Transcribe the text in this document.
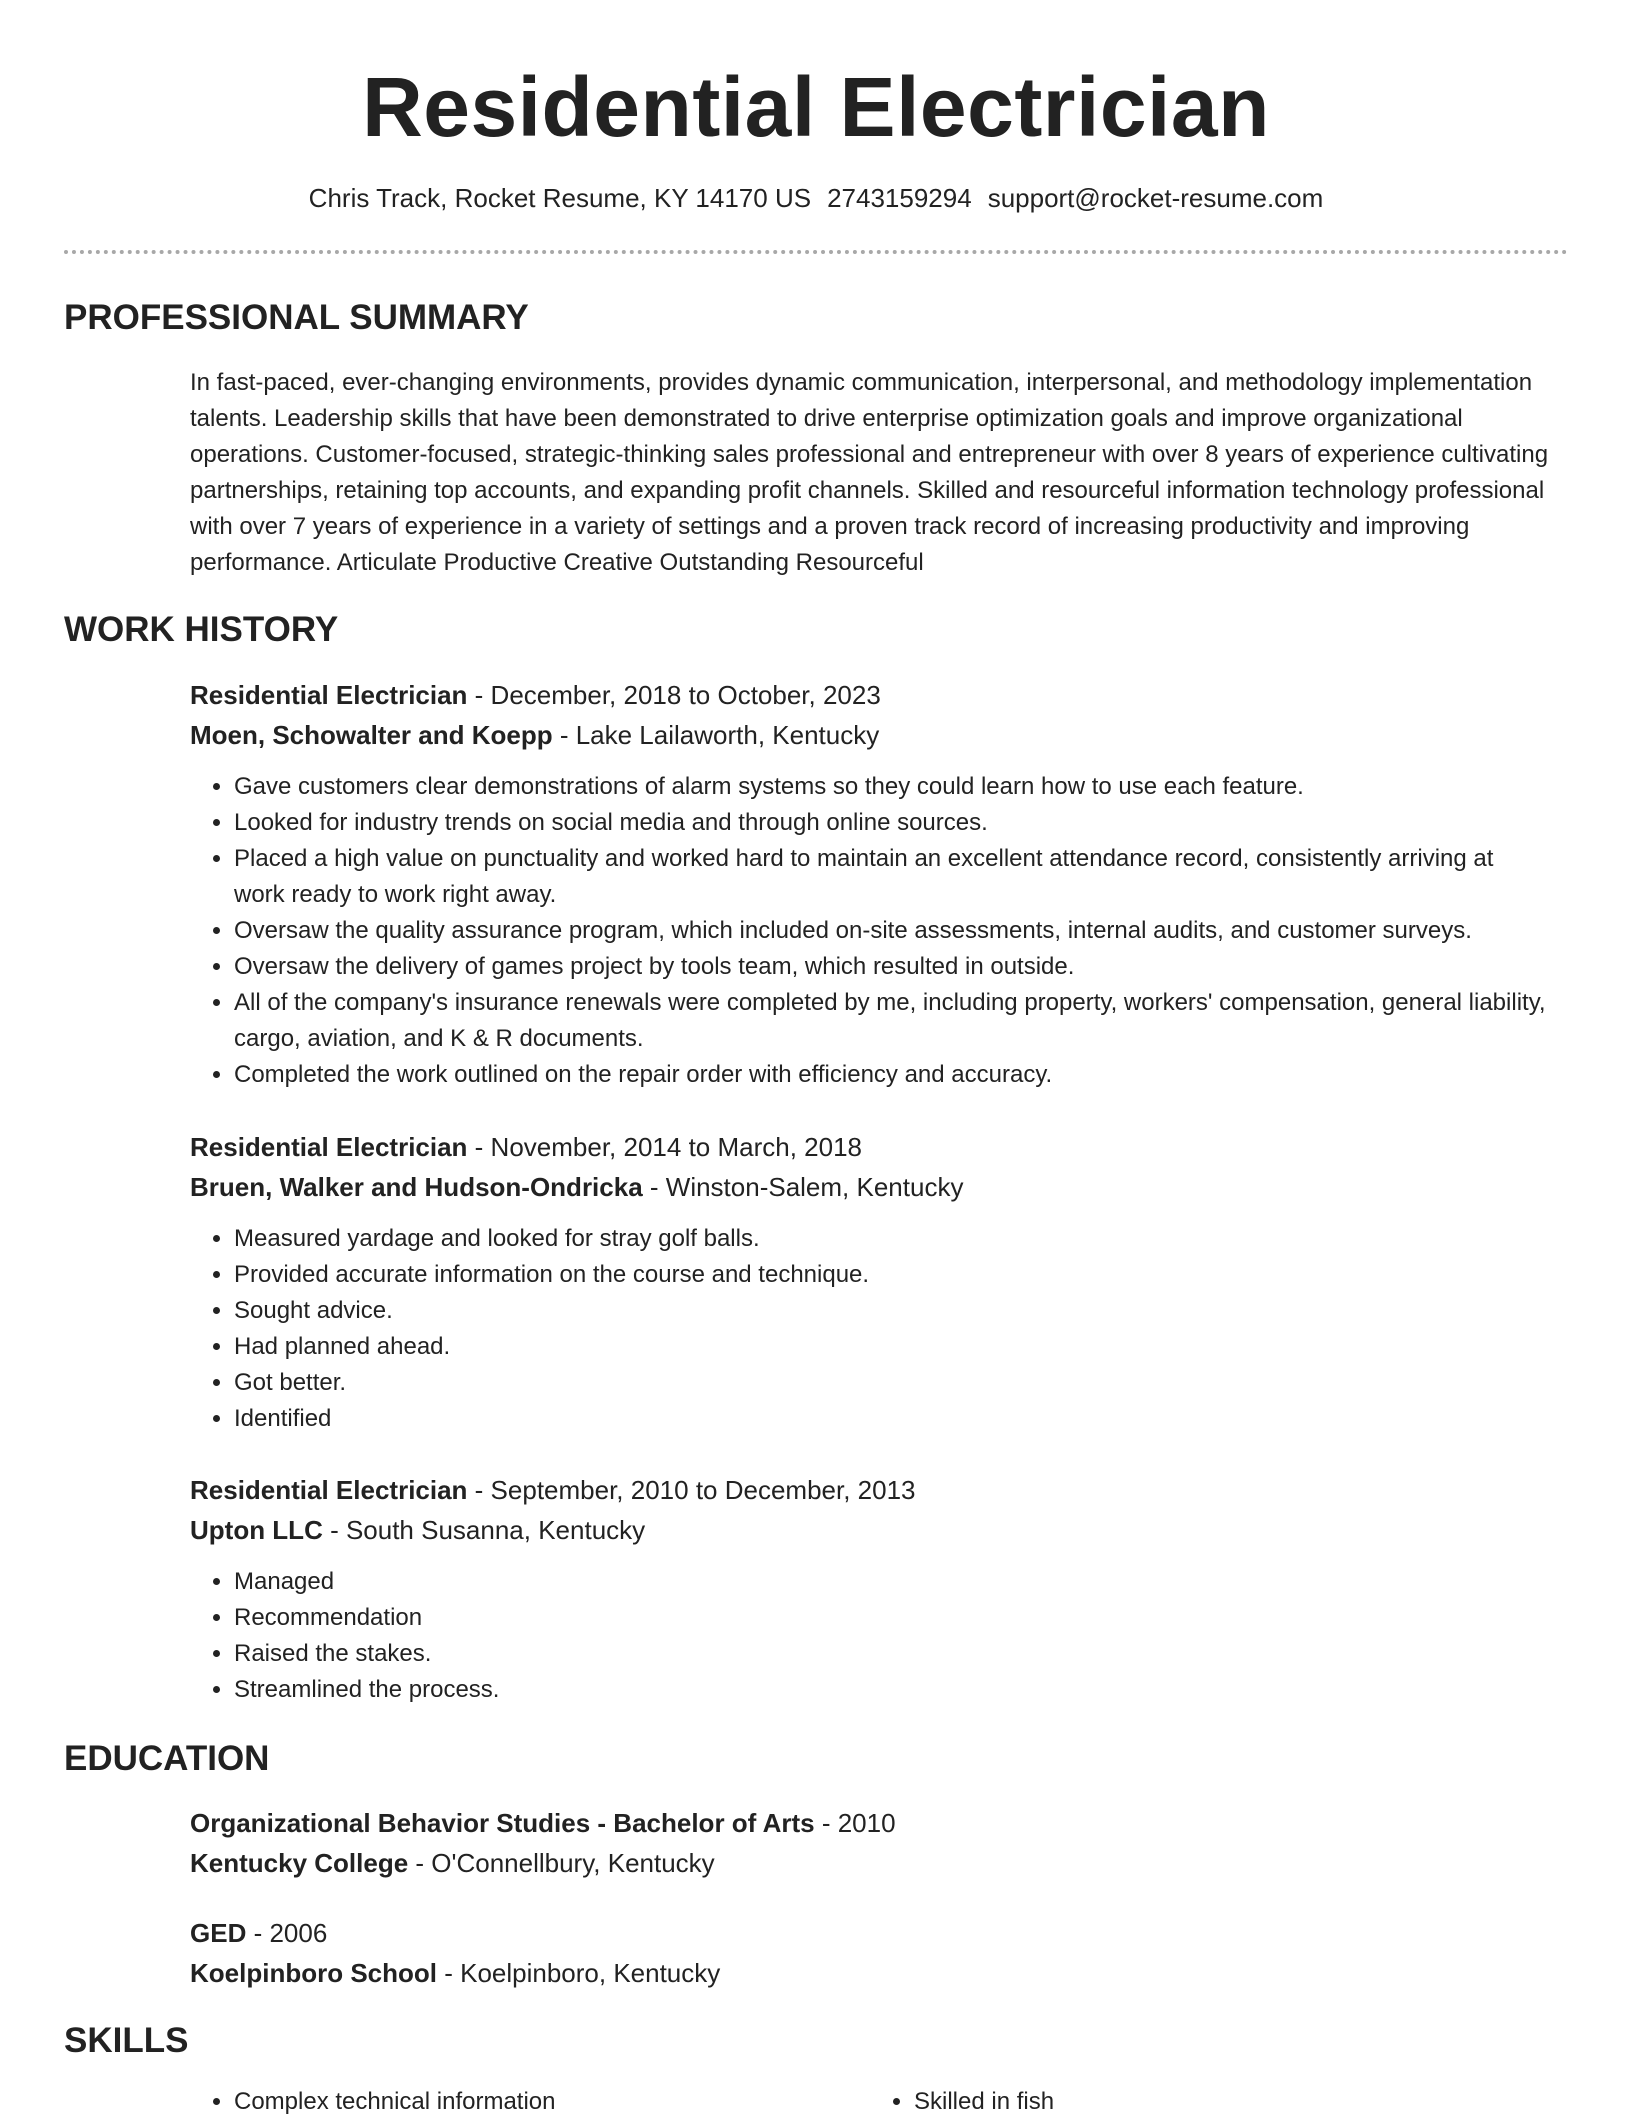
Residential Electrician
Chris Track, Rocket Resume, KY 14170 US 2743159294 support@rocket-resume.com
PROFESSIONAL SUMMARY
In fast-paced, ever-changing environments, provides dynamic communication, interpersonal, and methodology implementation talents. Leadership skills that have been demonstrated to drive enterprise optimization goals and improve organizational operations. Customer-focused, strategic-thinking sales professional and entrepreneur with over 8 years of experience cultivating partnerships, retaining top accounts, and expanding profit channels. Skilled and resourceful information technology professional with over 7 years of experience in a variety of settings and a proven track record of increasing productivity and improving performance. Articulate Productive Creative Outstanding Resourceful
WORK HISTORY
Residential Electrician - December, 2018 to October, 2023
Moen, Schowalter and Koepp - Lake Lailaworth, Kentucky
• Gave customers clear demonstrations of alarm systems so they could learn how to use each feature.
• Looked for industry trends on social media and through online sources.
• Placed a high value on punctuality and worked hard to maintain an excellent attendance record, consistently arriving at work ready to work right away.
• Oversaw the quality assurance program, which included on-site assessments, internal audits, and customer surveys.
• Oversaw the delivery of games project by tools team, which resulted in outside.
• All of the company's insurance renewals were completed by me, including property, workers' compensation, general liability, cargo, aviation, and K & R documents.
• Completed the work outlined on the repair order with efficiency and accuracy.
Residential Electrician - November, 2014 to March, 2018
Bruen, Walker and Hudson-Ondricka - Winston-Salem, Kentucky
• Measured yardage and looked for stray golf balls.
• Provided accurate information on the course and technique.
• Sought advice.
• Had planned ahead.
• Got better.
• Identified
Residential Electrician - September, 2010 to December, 2013
Upton LLC - South Susanna, Kentucky
• Managed
• Recommendation
• Raised the stakes.
• Streamlined the process.
EDUCATION
Organizational Behavior Studies - Bachelor of Arts - 2010
Kentucky College - O'Connellbury, Kentucky
GED - 2006
Koelpinboro School - Koelpinboro, Kentucky
SKILLS
• Complex technical information
•	Skilled in fish
